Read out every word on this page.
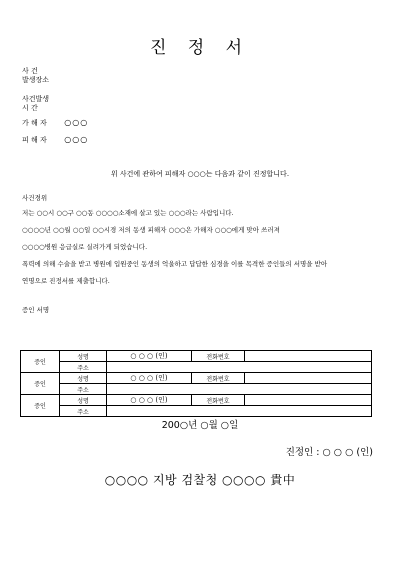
진 정 서
사 건
발생장소
사건발생
시 간
가 해 자 ○○○
피 해 자 ○○○
위 사건에 관하여 피해자 ○○○는 다음과 같이 진정합니다.
사건경위
저는 ○○시 ○○구 ○○동 ○○○○소재에 살고 있는 ○○○라는 사람입니다.
○○○○년 ○○월 ○○일 ○○시경 저의 동생 피해자 ○○○은 가해자 ○○○에게 맞아 쓰러져
○○○○병원 응급실로 실려가게 되었습니다.
폭력에 의해 수술을 받고 병원에 입원중인 동생의 억울하고 답답한 심경을 이를 목격한 증인들의 서명을 받아
연명으로 진정서를 제출합니다.
증인 서명
증인	성명	○ ○ ○ (인)	전화번호	
	주소			
증인	성명	○ ○ ○ (인)	전화번호	
	주소			
증인	성명	○ ○ ○ (인)	전화번호	
	주소			
200○년 ○월 ○일
진정인 : ○ ○ ○ (인)
○○○○ 지방 검찰청 ○○○○ 貴中
